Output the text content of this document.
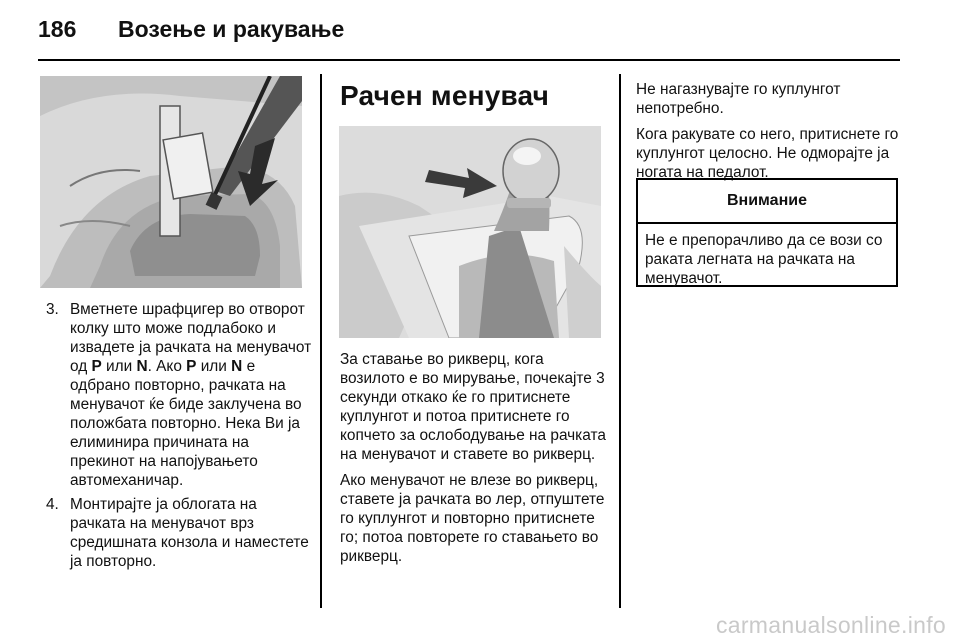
186 Возење и ракување
3. Вметнете шрафцигер во отворот колку што може подлабоко и извадете ја рачката на менувачот од P или N. Ако P или N е одбрано повторно, рачката на менувачот ќе биде заклучена во положбата повторно. Нека Ви ја елиминира причината на прекинот на напојувањето автомеханичар.
4. Монтирајте ја облогата на рачката на менувачот врз средишната конзола и наместете ја повторно.
Рачен менувач

За ставање во рикверц, кога возилото е во мирување, почекајте 3 секунди откако ќе го притиснете куплунгот и потоа притиснете го копчето за ослободување на рачката на менувачот и ставете во рикверц.

Ако менувачот не влезе во рикверц, ставете ја рачката во лер, отпуштете го куплунгот и повторно притиснете го; потоа повторете го ставањето во рикверц.

Не нагазнувајте го куплунгот непотребно.

Кога ракувате со него, притиснете го куплунгот целосно. Не одморајте ја ногата на педалот.

Внимание
Не е препорачливо да се вози со раката легната на рачката на менувачот.
carmanualsonline.info
